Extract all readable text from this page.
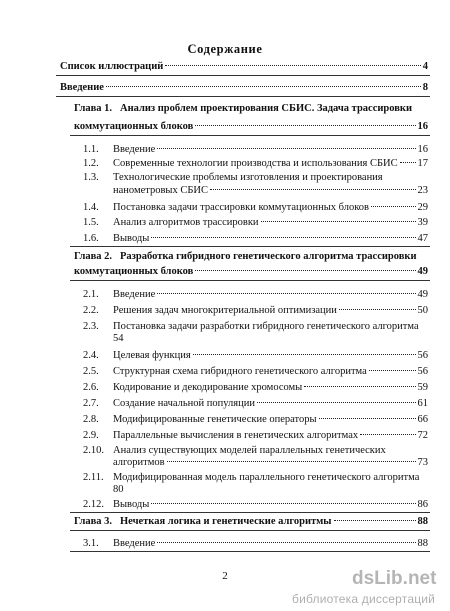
Содержание
Список иллюстраций	4
Введение	8
Глава 1. Анализ проблем проектирования СБИС. Задача трассировки
коммутационных блоков	16
1.1.	Введение	16
1.2.	Современные технологии производства и использования СБИС 17
1.3.	Технологические проблемы изготовления и проектирования
нанометровых СБИС	23
1.4.	Постановка задачи трассировки коммутационных блоков	29
1.5.	Анализ алгоритмов трассировки	39
1.6.	Выводы	47
Глава 2. Разработка гибридного генетического алгоритма трассировки
коммутационных блоков	49
2.1.	Введение	49
2.2.	Решения задач многокритериальной оптимизации	50
2.3.	Постановка задачи разработки гибридного генетического алгоритма
54
2.4.	Целевая функция	56
2.5.	Структурная схема гибридного генетического алгоритма	56
2.6.	Кодирование и декодирование хромосомы	59
2.7.	Создание начальной популяции	61
2.8.	Модифицированные генетические операторы	66
2.9.	Параллельные вычисления в генетических алгоритмах	72
2.10. Анализ существующих моделей параллельных генетических
алгоритмов	73
2.11. Модифицированная модель параллельного генетического алгоритма
80
2.12. Выводы	86
Глава 3. Нечеткая логика и генетические алгоритмы	88
3.1.	Введение	88
2	dsLib.net
библиотека диссертаций
